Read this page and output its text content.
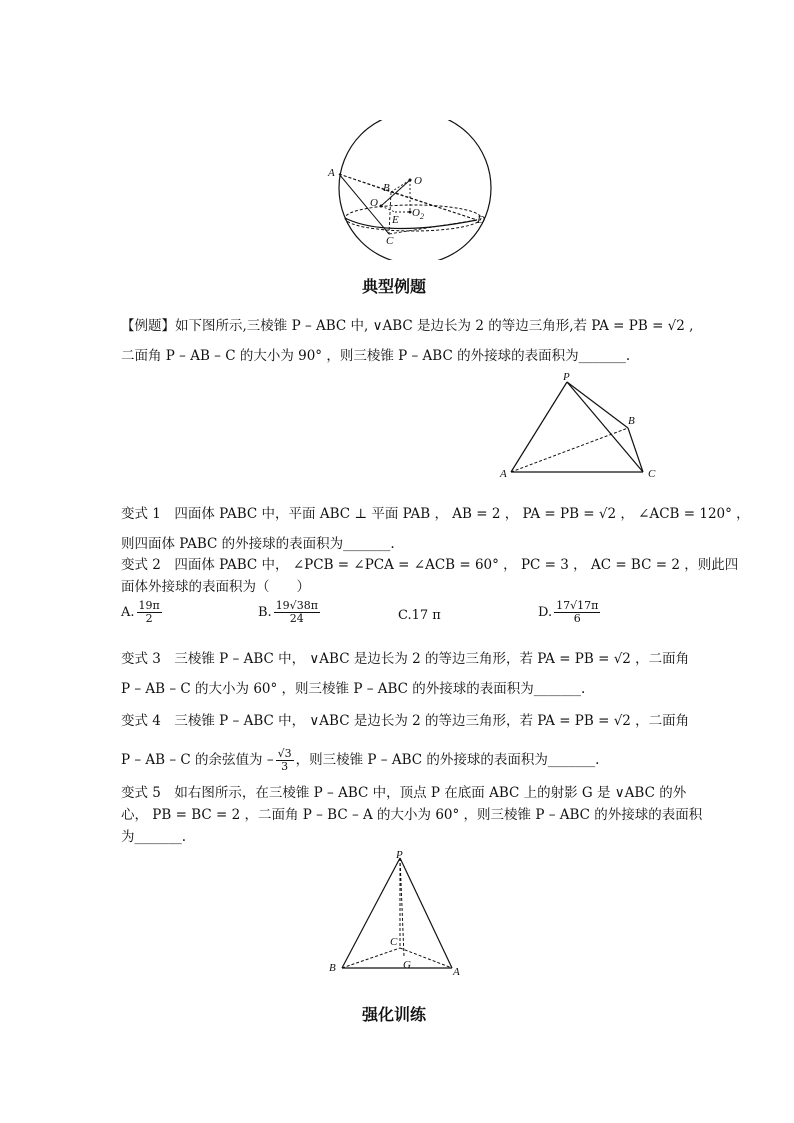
A
B
O
O
E
$O_2$	D
C
典型例题
【例题】如下图所示,三棱锥 P – ABC 中, ∨ABC 是边长为 2 的等边三角形,若 PA = PB = √2 ,
二面角 P – AB – C 的大小为 90° ，则三棱锥 P – ABC 的外接球的表面积为_______.
P
B
A	C
变式 1　四面体 PABC 中，平面 ABC ⊥ 平面 PAB ， AB = 2 ， PA = PB = √2 ， ∠ACB = 120° ，
则四面体 PABC 的外接球的表面积为_______.
变式 2　四面体 PABC 中， ∠PCB = ∠PCA = ∠ACB = 60° ， PC = 3 ， AC = BC = 2 ，则此四
面体外接球的表面积为（　　）
A. $\frac{19\pi}{2}$	B. $\frac{19√38\pi}{24}$	C.17 π	D. $\frac{17√17\pi}{6}$
变式 3　三棱锥 P – ABC 中， ∨ABC 是边长为 2 的等边三角形，若 PA = PB = √2 ，二面角
P – AB – C 的大小为 60° ，则三棱锥 P – ABC 的外接球的表面积为_______.
变式 4　三棱锥 P – ABC 中， ∨ABC 是边长为 2 的等边三角形，若 PA = PB = √2 ，二面角
P – AB – C 的余弦值为 – $\frac{√3}{3}$ ，则三棱锥 P – ABC 的外接球的表面积为_______.
变式 5　如右图所示，在三棱锥 P – ABC 中，顶点 P 在底面 ABC 上的射影 G 是 ∨ABC 的外
心， PB = BC = 2 ，二面角 P – BC – A 的大小为 60° ，则三棱锥 P – ABC 的外接球的表面积
为_______.
P
C
G
B	A
强化训练
